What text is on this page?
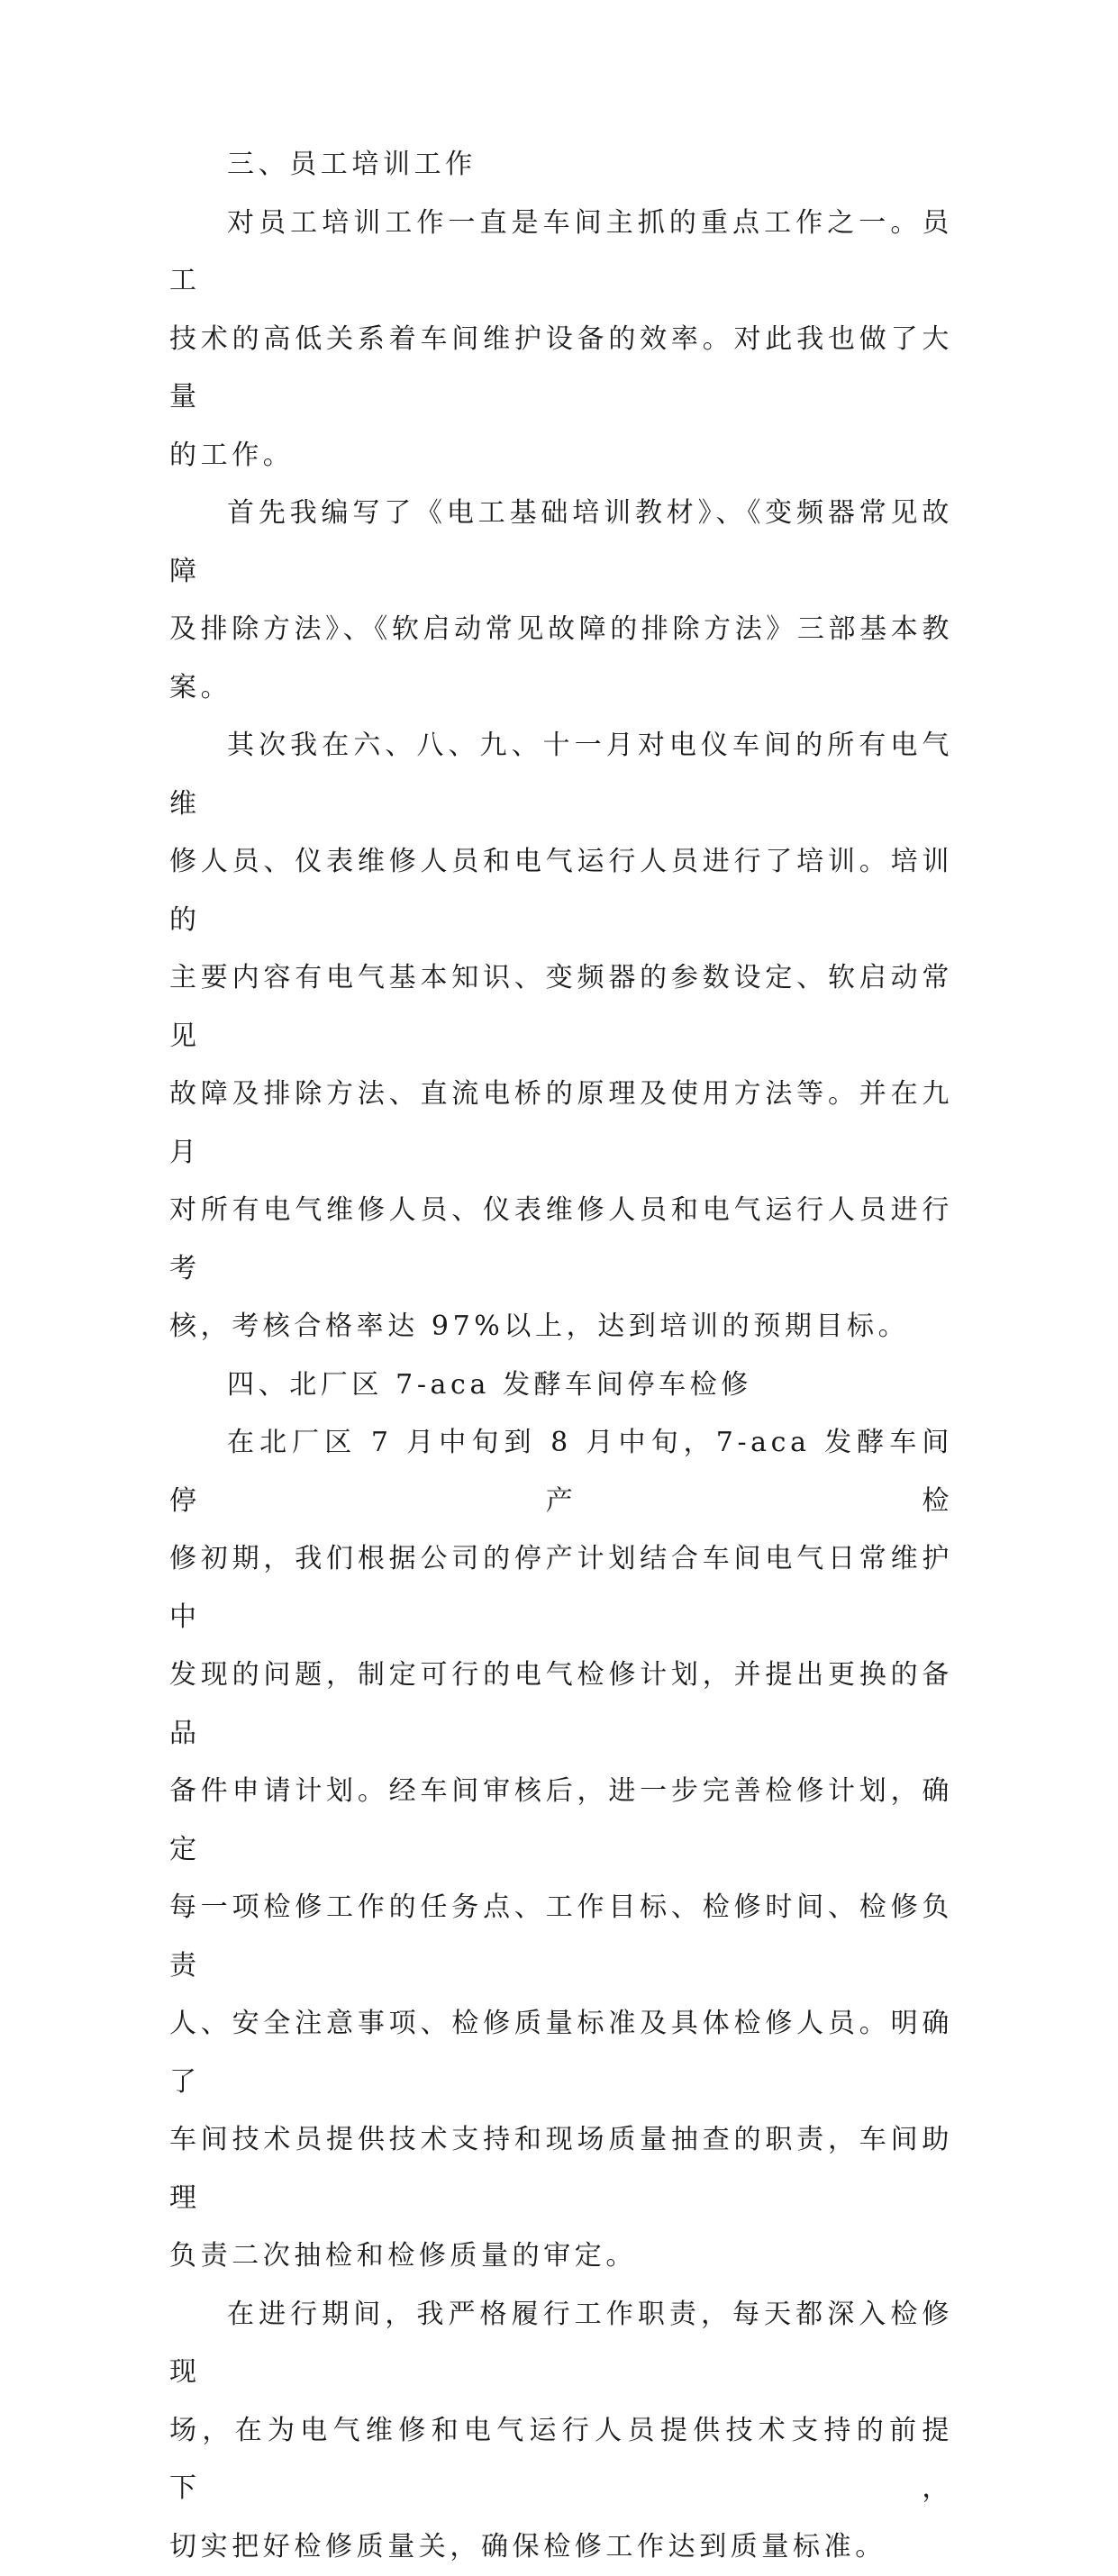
三、员工培训工作

对员工培训工作一直是车间主抓的重点工作之一。员工
技术的高低关系着车间维护设备的效率。对此我也做了大量
的工作。

首先我编写了《电工基础培训教材》、《变频器常见故障
及排除方法》、《软启动常见故障的排除方法》三部基本教案。

其次我在六、八、九、十一月对电仪车间的所有电气维
修人员、仪表维修人员和电气运行人员进行了培训。培训的
主要内容有电气基本知识、变频器的参数设定、软启动常见
故障及排除方法、直流电桥的原理及使用方法等。并在九月
对所有电气维修人员、仪表维修人员和电气运行人员进行考
核，考核合格率达 97%以上，达到培训的预期目标。

四、北厂区 7-aca 发酵车间停车检修

在北厂区 7 月中旬到 8 月中旬，7-aca 发酵车间停产检
修初期，我们根据公司的停产计划结合车间电气日常维护中
发现的问题，制定可行的电气检修计划，并提出更换的备品
备件申请计划。经车间审核后，进一步完善检修计划，确定
每一项检修工作的任务点、工作目标、检修时间、检修负责
人、安全注意事项、检修质量标准及具体检修人员。明确了
车间技术员提供技术支持和现场质量抽查的职责，车间助理
负责二次抽检和检修质量的审定。

在进行期间，我严格履行工作职责，每天都深入检修现
场，在为电气维修和电气运行人员提供技术支持的前提下，
切实把好检修质量关，确保检修工作达到质量标准。
